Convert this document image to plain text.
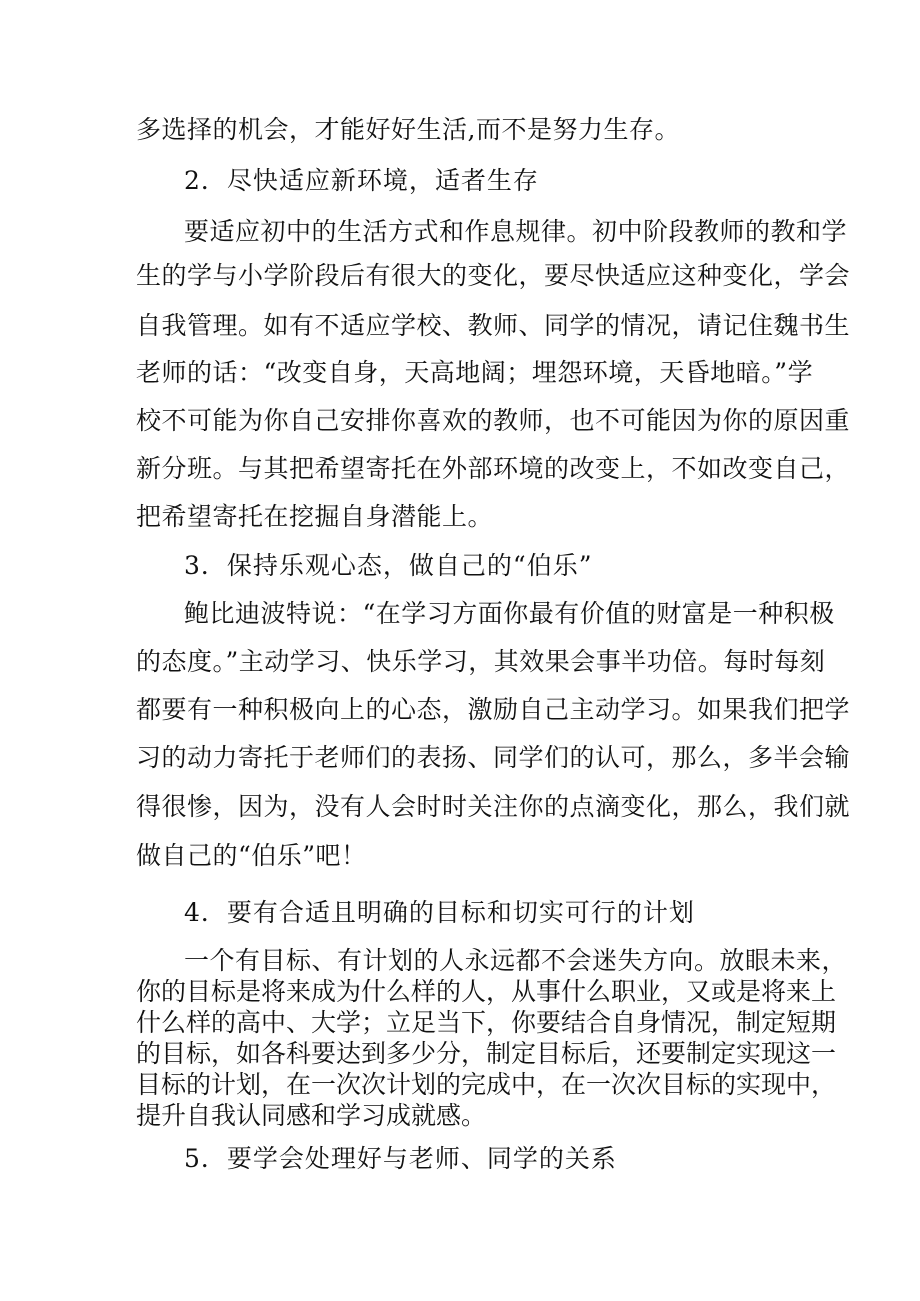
多选择的机会，才能好好生活,而不是努力生存。
2．尽快适应新环境，适者生存
要适应初中的生活方式和作息规律。初中阶段教师的教和学
生的学与小学阶段后有很大的变化，要尽快适应这种变化，学会
自我管理。如有不适应学校、教师、同学的情况，请记住魏书生
老师的话：“改变自身，天高地阔；埋怨环境，天昏地暗。”学
校不可能为你自己安排你喜欢的教师，也不可能因为你的原因重
新分班。与其把希望寄托在外部环境的改变上，不如改变自己，
把希望寄托在挖掘自身潜能上。
3．保持乐观心态，做自己的“伯乐”
鲍比迪波特说：“在学习方面你最有价值的财富是一种积极
的态度。”主动学习、快乐学习，其效果会事半功倍。每时每刻
都要有一种积极向上的心态，激励自己主动学习。如果我们把学
习的动力寄托于老师们的表扬、同学们的认可，那么，多半会输
得很惨，因为，没有人会时时关注你的点滴变化，那么，我们就
做自己的“伯乐”吧！
4．要有合适且明确的目标和切实可行的计划
一个有目标、有计划的人永远都不会迷失方向。放眼未来，
你的目标是将来成为什么样的人，从事什么职业，又或是将来上
什么样的高中、大学；立足当下，你要结合自身情况，制定短期
的目标，如各科要达到多少分，制定目标后，还要制定实现这一
目标的计划，在一次次计划的完成中，在一次次目标的实现中，
提升自我认同感和学习成就感。
5．要学会处理好与老师、同学的关系
